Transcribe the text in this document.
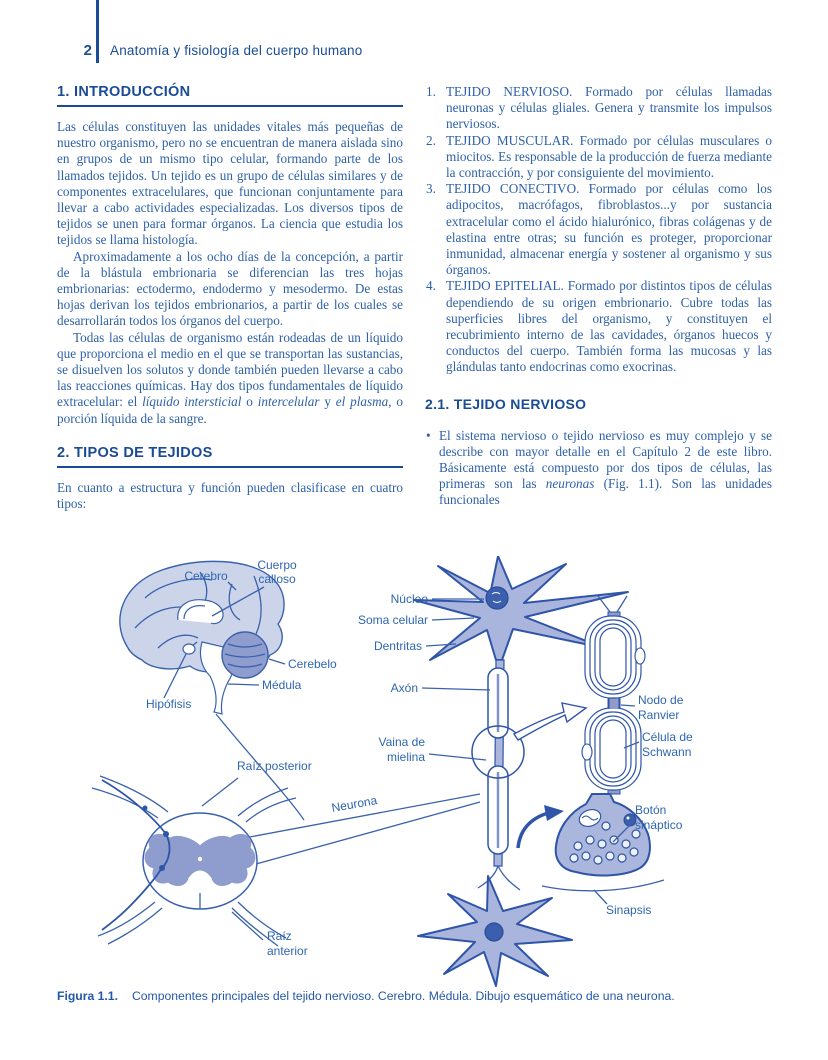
2 Anatomía y fisiología del cuerpo humano
1. INTRODUCCIÓN

Las células constituyen las unidades vitales más pequeñas de nuestro organismo, pero no se encuentran de manera aislada sino en grupos de un mismo tipo celular, formando parte de los llamados tejidos. Un tejido es un grupo de células similares y de componentes extracelulares, que funcionan conjuntamente para llevar a cabo actividades especializadas. Los diversos tipos de tejidos se unen para formar órganos. La ciencia que estudia los tejidos se llama histología.

Aproximadamente a los ocho días de la concepción, a partir de la blástula embrionaria se diferencian las tres hojas embrionarias: ectodermo, endodermo y mesodermo. De estas hojas derivan los tejidos embrionarios, a partir de los cuales se desarrollarán todos los órganos del cuerpo.

Todas las células de organismo están rodeadas de un líquido que proporciona el medio en el que se transportan las sustancias, se disuelven los solutos y donde también pueden llevarse a cabo las reacciones químicas. Hay dos tipos fundamentales de líquido extracelular: el líquido intersticial o intercelular y el plasma, o porción líquida de la sangre.

2. TIPOS DE TEJIDOS

En cuanto a estructura y función pueden clasificase en cuatro tipos:

1. TEJIDO NERVIOSO. Formado por células llamadas neuronas y células gliales. Genera y transmite los impulsos nerviosos.
2. TEJIDO MUSCULAR. Formado por células musculares o miocitos. Es responsable de la producción de fuerza mediante la contracción, y por consiguiente del movimiento.
3. TEJIDO CONECTIVO. Formado por células como los adipocitos, macrófagos, fibroblastos...y por sustancia extracelular como el ácido hialurónico, fibras colágenas y de elastina entre otras; su función es proteger, proporcionar inmunidad, almacenar energía y sostener al organismo y sus órganos.
4. TEJIDO EPITELIAL. Formado por distintos tipos de células dependiendo de su origen embrionario. Cubre todas las superficies libres del organismo, y constituyen el recubrimiento interno de las cavidades, órganos huecos y conductos del cuerpo. También forma las mucosas y las glándulas tanto endocrinas como exocrinas.
2.1. TEJIDO NERVIOSO
• El sistema nervioso o tejido nervioso es muy complejo y se describe con mayor detalle en el Capítulo 2 de este libro. Básicamente está compuesto por dos tipos de células, las primeras son las neuronas (Fig. 1.1). Son las unidades funcionales
Cuerpo
calloso
Cerebro
Cerebelo
Médula
Hipófisis
Raíz posterior
Raíz
anterior
Neurona
Núcleo
Soma celular
Dentritas
Axón
Vaina de
mielina
Nodo de
Ranvier
Célula de
Schwann
Botón
sináptico
Sinapsis
Figura 1.1. Componentes principales del tejido nervioso. Cerebro. Médula. Dibujo esquemático de una neurona.
